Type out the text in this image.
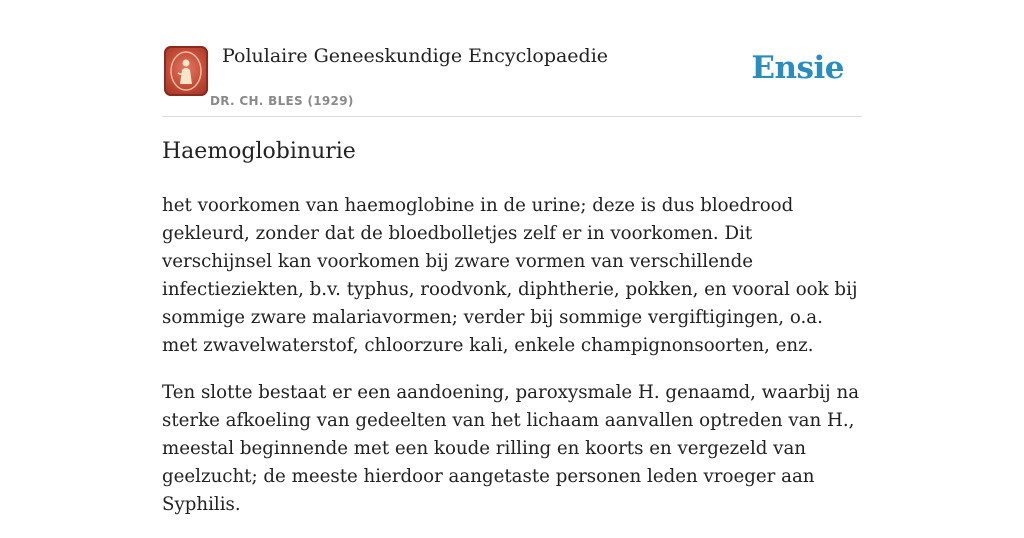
Polulaire Geneeskundige Encyclopaedie
DR. CH. BLES (1929)
Ensie
Haemoglobinurie

het voorkomen van haemoglobine in de urine; deze is dus bloedrood gekleurd, zonder dat de bloedbolletjes zelf er in voorkomen. Dit verschijnsel kan voorkomen bij zware vormen van verschillende infectieziekten, b.v. typhus, roodvonk, diphtherie, pokken, en vooral ook bij sommige zware malariavormen; verder bij sommige vergiftigingen, o.a. met zwavelwaterstof, chloorzure kali, enkele champignonsoorten, enz.

Ten slotte bestaat er een aandoening, paroxysmale H. genaamd, waarbij na sterke afkoeling van gedeelten van het lichaam aanvallen optreden van H., meestal beginnende met een koude rilling en koorts en vergezeld van geelzucht; de meeste hierdoor aangetaste personen leden vroeger aan Syphilis.
